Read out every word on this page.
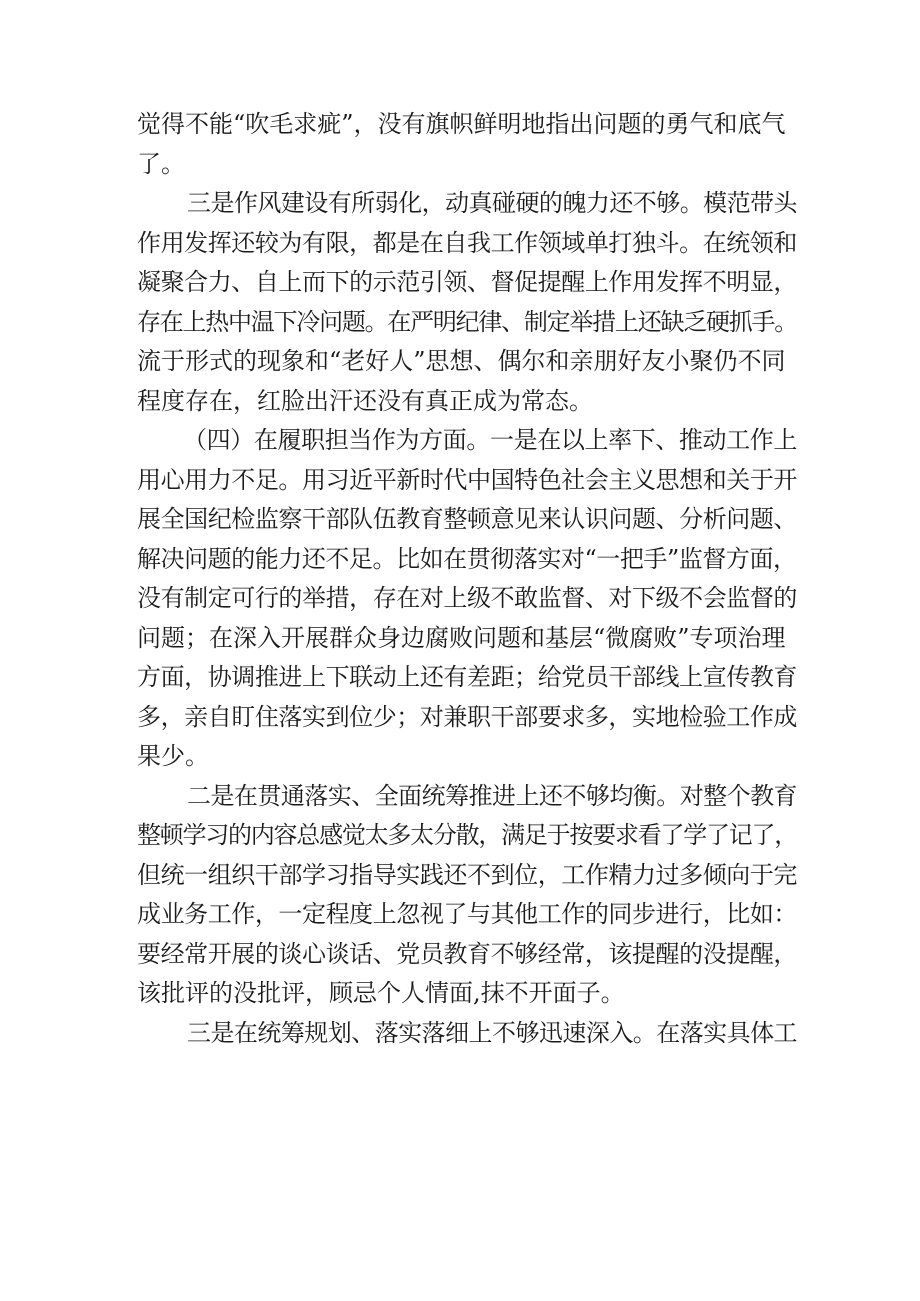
觉得不能“吹毛求疵”，没有旗帜鲜明地指出问题的勇气和底气
了。
三是作风建设有所弱化，动真碰硬的魄力还不够。模范带头
作用发挥还较为有限，都是在自我工作领域单打独斗。在统领和
凝聚合力、自上而下的示范引领、督促提醒上作用发挥不明显，
存在上热中温下冷问题。在严明纪律、制定举措上还缺乏硬抓手。
流于形式的现象和“老好人”思想、偶尔和亲朋好友小聚仍不同
程度存在，红脸出汗还没有真正成为常态。
（四）在履职担当作为方面。一是在以上率下、推动工作上
用心用力不足。用习近平新时代中国特色社会主义思想和关于开
展全国纪检监察干部队伍教育整顿意见来认识问题、分析问题、
解决问题的能力还不足。比如在贯彻落实对“一把手”监督方面，
没有制定可行的举措，存在对上级不敢监督、对下级不会监督的
问题；在深入开展群众身边腐败问题和基层“微腐败”专项治理
方面，协调推进上下联动上还有差距；给党员干部线上宣传教育
多，亲自盯住落实到位少；对兼职干部要求多，实地检验工作成
果少。
二是在贯通落实、全面统筹推进上还不够均衡。对整个教育
整顿学习的内容总感觉太多太分散，满足于按要求看了学了记了，
但统一组织干部学习指导实践还不到位，工作精力过多倾向于完
成业务工作，一定程度上忽视了与其他工作的同步进行，比如：
要经常开展的谈心谈话、党员教育不够经常，该提醒的没提醒，
该批评的没批评，顾忌个人情面,抹不开面子。
三是在统筹规划、落实落细上不够迅速深入。在落实具体工
